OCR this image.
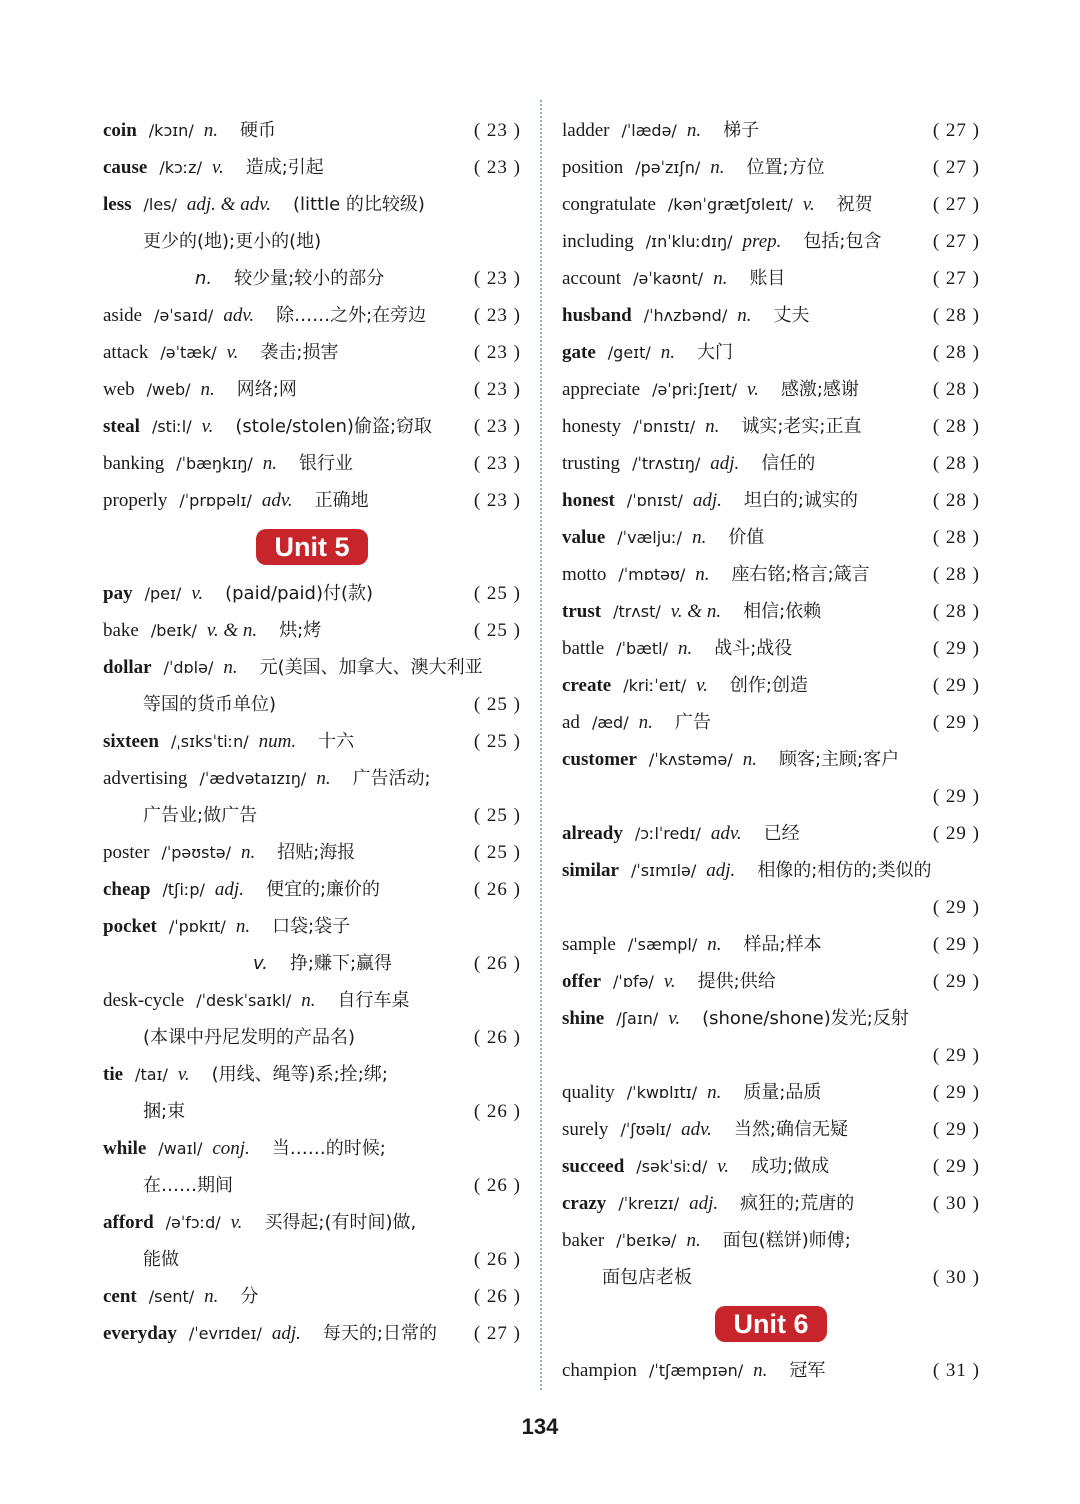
coin /kɔɪn/ n. 硬币	( 23 )
cause /kɔːz/ v. 造成;引起	( 23 )
less /les/ adj. & adv. (little 的比较级)
更少的(地);更小的(地)
n. 较少量;较小的部分	( 23 )
aside /əˈsaɪd/ adv. 除……之外;在旁边	( 23 )
attack /əˈtæk/ v. 袭击;损害	( 23 )
web /web/ n. 网络;网	( 23 )
steal /stiːl/ v. (stole/stolen)偷盗;窃取 ( 23 )
banking /ˈbæŋkɪŋ/ n. 银行业	( 23 )
properly /ˈprɒpəlɪ/ adv. 正确地	( 23 )
Unit 5
pay /peɪ/ v. (paid/paid)付(款)	( 25 )
bake /beɪk/ v. & n. 烘;烤	( 25 )
dollar /ˈdɒlə/ n. 元(美国、加拿大、澳大利亚
等国的货币单位)	( 25 )
sixteen /ˌsɪksˈtiːn/ num. 十六	( 25 )
advertising /ˈædvətaɪzɪŋ/ n. 广告活动;
广告业;做广告	( 25 )
poster /ˈpəʊstə/ n. 招贴;海报	( 25 )
cheap /tʃiːp/ adj. 便宜的;廉价的	( 26 )
pocket /ˈpɒkɪt/ n. 口袋;袋子
v. 挣;赚下;赢得	( 26 )
desk-cycle /ˈdeskˈsaɪkl/ n. 自行车桌
(本课中丹尼发明的产品名)	( 26 )
tie /taɪ/ v. (用线、绳等)系;拴;绑;
捆;束	( 26 )
while /waɪl/ conj. 当……的时候;
在……期间	( 26 )
afford /əˈfɔːd/ v. 买得起;(有时间)做,
能做	( 26 )
cent /sent/ n. 分	( 26 )
everyday /ˈevrɪdeɪ/ adj. 每天的;日常的 ( 27 )
ladder /ˈlædə/ n. 梯子	( 27 )
position /pəˈzɪʃn/ n. 位置;方位	( 27 )
congratulate /kənˈgrætʃʊleɪt/ v. 祝贺	( 27 )
including /ɪnˈkluːdɪŋ/ prep. 包括;包含	( 27 )
account /əˈkaʊnt/ n. 账目	( 27 )
husband /ˈhʌzbənd/ n. 丈夫	( 28 )
gate /geɪt/ n. 大门	( 28 )
appreciate /əˈpriːʃɪeɪt/ v. 感激;感谢	( 28 )
honesty /ˈɒnɪstɪ/ n. 诚实;老实;正直	( 28 )
trusting /ˈtrʌstɪŋ/ adj. 信任的	( 28 )
honest /ˈɒnɪst/ adj. 坦白的;诚实的	( 28 )
value /ˈvæljuː/ n. 价值	( 28 )
motto /ˈmɒtəʊ/ n. 座右铭;格言;箴言	( 28 )
trust /trʌst/ v. & n. 相信;依赖	( 28 )
battle /ˈbætl/ n. 战斗;战役	( 29 )
create /kriːˈeɪt/ v. 创作;创造	( 29 )
ad /æd/ n. 广告	( 29 )
customer /ˈkʌstəmə/ n. 顾客;主顾;客户
( 29 )
already /ɔːlˈredɪ/ adv. 已经	( 29 )
similar /ˈsɪmɪlə/ adj. 相像的;相仿的;类似的
( 29 )
sample /ˈsæmpl/ n. 样品;样本	( 29 )
offer /ˈɒfə/ v. 提供;供给	( 29 )
shine /ʃaɪn/ v. (shone/shone)发光;反射
( 29 )
quality /ˈkwɒlɪtɪ/ n. 质量;品质	( 29 )
surely /ˈʃʊəlɪ/ adv. 当然;确信无疑	( 29 )
succeed /səkˈsiːd/ v. 成功;做成	( 29 )
crazy /ˈkreɪzɪ/ adj. 疯狂的;荒唐的	( 30 )
baker /ˈbeɪkə/ n. 面包(糕饼)师傅;
面包店老板	( 30 )
Unit 6
champion /ˈtʃæmpɪən/ n. 冠军	( 31 )
134
